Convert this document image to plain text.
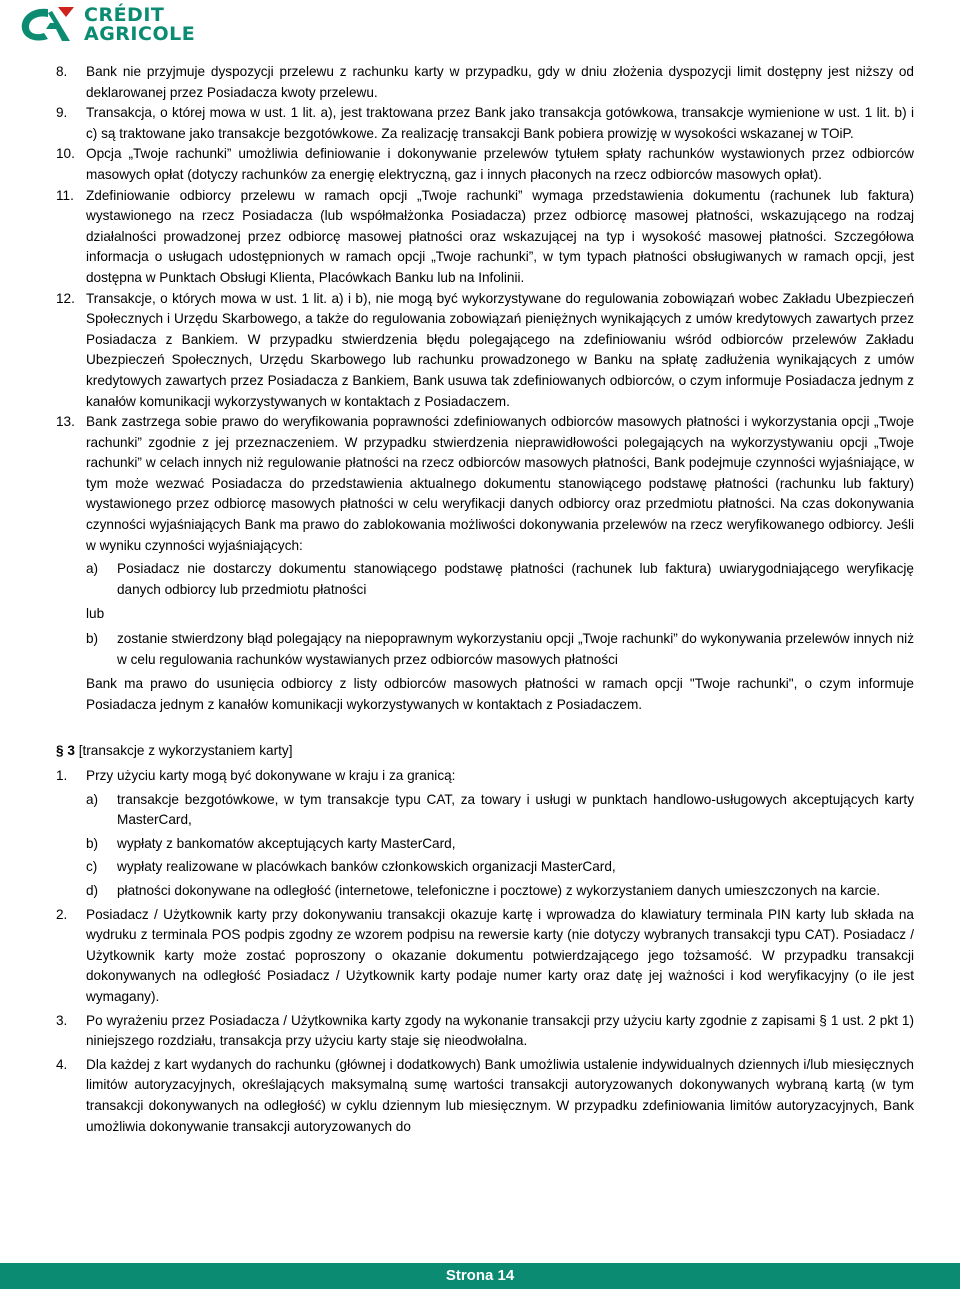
CRÉDIT
AGRICOLE
8.	Bank nie przyjmuje dyspozycji przelewu z rachunku karty w przypadku, gdy w dniu złożenia dyspozycji limit dostępny jest niższy od deklarowanej przez Posiadacza kwoty przelewu.
9.	Transakcja, o której mowa w ust. 1 lit. a), jest traktowana przez Bank jako transakcja gotówkowa, transakcje wymienione w ust. 1 lit. b) i c) są traktowane jako transakcje bezgotówkowe. Za realizację transakcji Bank pobiera prowizję w wysokości wskazanej w TOiP.
10. Opcja „Twoje rachunki” umożliwia definiowanie i dokonywanie przelewów tytułem spłaty rachunków wystawionych przez odbiorców masowych opłat (dotyczy rachunków za energię elektryczną, gaz i innych płaconych na rzecz odbiorców masowych opłat).
11. Zdefiniowanie odbiorcy przelewu w ramach opcji „Twoje rachunki” wymaga przedstawienia dokumentu (rachunek lub faktura) wystawionego na rzecz Posiadacza (lub współmałżonka Posiadacza) przez odbiorcę masowej płatności, wskazującego na rodzaj działalności prowadzonej przez odbiorcę masowej płatności oraz wskazującej na typ i wysokość masowej płatności. Szczegółowa informacja o usługach udostępnionych w ramach opcji „Twoje rachunki”, w tym typach płatności obsługiwanych w ramach opcji, jest dostępna w Punktach Obsługi Klienta, Placówkach Banku lub na Infolinii.
12. Transakcje, o których mowa w ust. 1 lit. a) i b), nie mogą być wykorzystywane do regulowania zobowiązań wobec Zakładu Ubezpieczeń Społecznych i Urzędu Skarbowego, a także do regulowania zobowiązań pieniężnych wynikających z umów kredytowych zawartych przez Posiadacza z Bankiem. W przypadku stwierdzenia błędu polegającego na zdefiniowaniu wśród odbiorców przelewów Zakładu Ubezpieczeń Społecznych, Urzędu Skarbowego lub rachunku prowadzonego w Banku na spłatę zadłużenia wynikających z umów kredytowych zawartych przez Posiadacza z Bankiem, Bank usuwa tak zdefiniowanych odbiorców, o czym informuje Posiadacza jednym z kanałów komunikacji wykorzystywanych w kontaktach z Posiadaczem.
13. Bank zastrzega sobie prawo do weryfikowania poprawności zdefiniowanych odbiorców masowych płatności i wykorzystania opcji „Twoje rachunki” zgodnie z jej przeznaczeniem. W przypadku stwierdzenia nieprawidłowości polegających na wykorzystywaniu opcji „Twoje rachunki” w celach innych niż regulowanie płatności na rzecz odbiorców masowych płatności, Bank podejmuje czynności wyjaśniające, w tym może wezwać Posiadacza do przedstawienia aktualnego dokumentu stanowiącego podstawę płatności (rachunku lub faktury) wystawionego przez odbiorcę masowych płatności w celu weryfikacji danych odbiorcy oraz przedmiotu płatności. Na czas dokonywania czynności wyjaśniających Bank ma prawo do zablokowania możliwości dokonywania przelewów na rzecz weryfikowanego odbiorcy. Jeśli w wyniku czynności wyjaśniających:
a)	Posiadacz nie dostarczy dokumentu stanowiącego podstawę płatności (rachunek lub faktura) uwiarygodniającego weryfikację danych odbiorcy lub przedmiotu płatności
lub
b)	zostanie stwierdzony błąd polegający na niepoprawnym wykorzystaniu opcji „Twoje rachunki” do wykonywania przelewów innych niż w celu regulowania rachunków wystawianych przez odbiorców masowych płatności
Bank ma prawo do usunięcia odbiorcy z listy odbiorców masowych płatności w ramach opcji "Twoje rachunki", o czym informuje Posiadacza jednym z kanałów komunikacji wykorzystywanych w kontaktach z Posiadaczem.
§ 3 [transakcje z wykorzystaniem karty]
1.	Przy użyciu karty mogą być dokonywane w kraju i za granicą:
a)	transakcje bezgotówkowe, w tym transakcje typu CAT, za towary i usługi w punktach handlowo-usługowych akceptujących karty MasterCard,
b)	wypłaty z bankomatów akceptujących karty MasterCard,
c)	wypłaty realizowane w placówkach banków członkowskich organizacji MasterCard,
d)	płatności dokonywane na odległość (internetowe, telefoniczne i pocztowe) z wykorzystaniem danych umieszczonych na karcie.
2.	Posiadacz / Użytkownik karty przy dokonywaniu transakcji okazuje kartę i wprowadza do klawiatury terminala PIN karty lub składa na wydruku z terminala POS podpis zgodny ze wzorem podpisu na rewersie karty (nie dotyczy wybranych transakcji typu CAT). Posiadacz / Użytkownik karty może zostać poproszony o okazanie dokumentu potwierdzającego jego tożsamość. W przypadku transakcji dokonywanych na odległość Posiadacz / Użytkownik karty podaje numer karty oraz datę jej ważności i kod weryfikacyjny (o ile jest wymagany).
3.	Po wyrażeniu przez Posiadacza / Użytkownika karty zgody na wykonanie transakcji przy użyciu karty zgodnie z zapisami § 1 ust. 2 pkt 1) niniejszego rozdziału, transakcja przy użyciu karty staje się nieodwołalna.
4.	Dla każdej z kart wydanych do rachunku (głównej i dodatkowych) Bank umożliwia ustalenie indywidualnych dziennych i/lub miesięcznych limitów autoryzacyjnych, określających maksymalną sumę wartości transakcji autoryzowanych dokonywanych wybraną kartą (w tym transakcji dokonywanych na odległość) w cyklu dziennym lub miesięcznym. W przypadku zdefiniowania limitów autoryzacyjnych, Bank umożliwia dokonywanie transakcji autoryzowanych do
Strona 14
